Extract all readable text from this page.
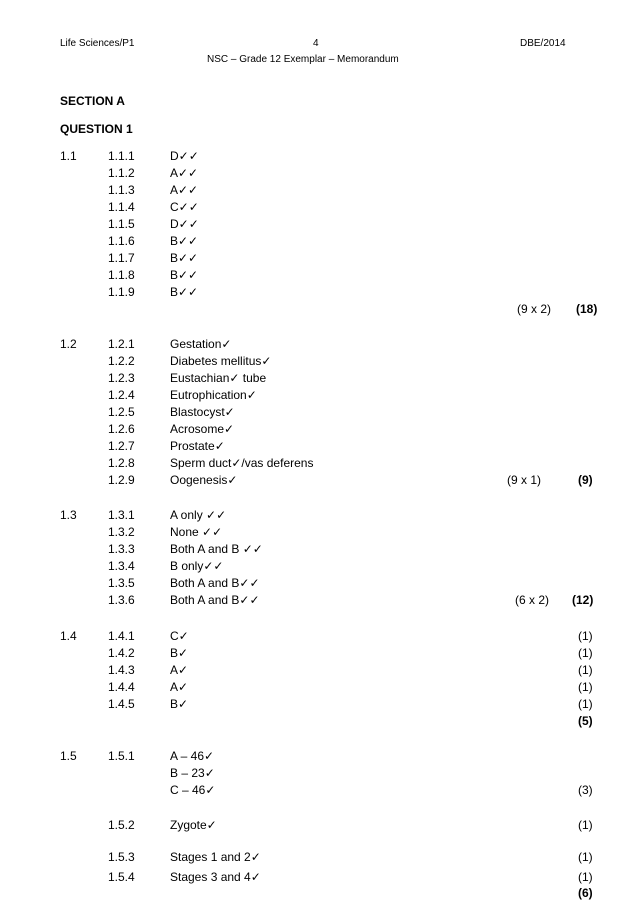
Life Sciences/P1	4	DBE/2014
NSC – Grade 12 Exemplar – Memorandum
SECTION A
QUESTION 1
1.1	1.1.1	D✓✓
1.1.2	A✓✓
1.1.3	A✓✓
1.1.4	C✓✓
1.1.5	D✓✓
1.1.6	B✓✓
1.1.7	B✓✓
1.1.8	B✓✓
1.1.9	B✓✓
(9 x 2) (18)
1.2	1.2.1	Gestation✓
1.2.2	Diabetes mellitus✓
1.2.3	Eustachian✓ tube
1.2.4	Eutrophication✓
1.2.5	Blastocyst✓
1.2.6	Acrosome✓
1.2.7	Prostate✓
1.2.8	Sperm duct✓/vas deferens
1.2.9	Oogenesis✓	(9 x 1)	(9)
1.3	1.3.1	A only ✓✓
1.3.2	None ✓✓
1.3.3	Both A and B ✓✓
1.3.4	B only✓✓
1.3.5	Both A and B✓✓
1.3.6	Both A and B✓✓	(6 x 2) (12)
1.4	1.4.1	C✓	(1)
1.4.2	B✓	(1)
1.4.3	A✓	(1)
1.4.4	A✓	(1)
1.4.5	B✓	(1)
(5)
1.5	1.5.1	A – 46✓
B – 23✓
C – 46✓	(3)
1.5.2	Zygote✓	(1)
1.5.3	Stages 1 and 2✓	(1)
1.5.4	Stages 3 and 4✓	(1)
(6)
